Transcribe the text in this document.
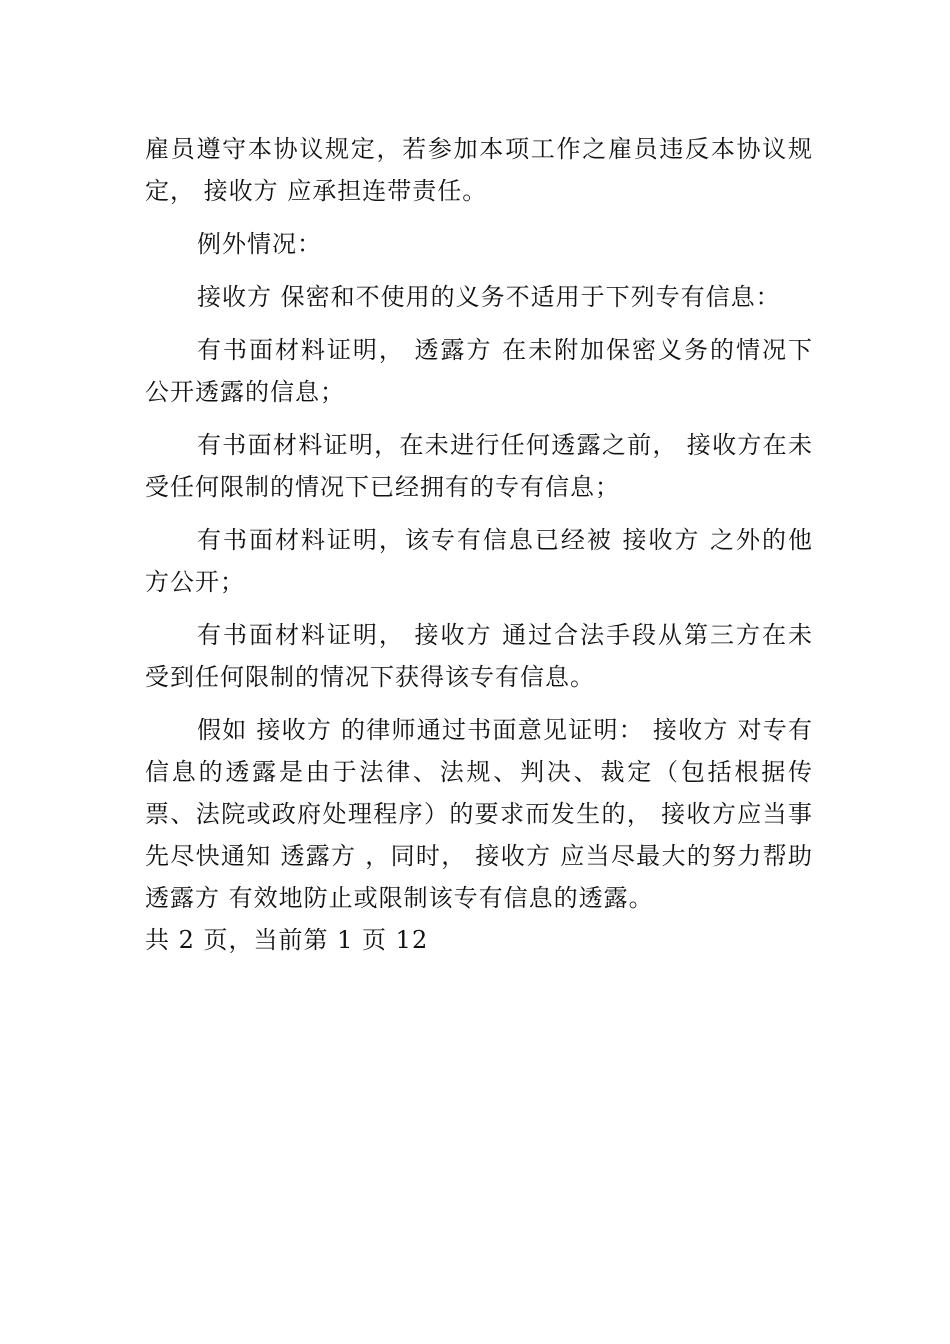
雇员遵守本协议规定，若参加本项工作之雇员违反本协议规定， 接收方 应承担连带责任。

例外情况：

接收方 保密和不使用的义务不适用于下列专有信息：

有书面材料证明， 透露方 在未附加保密义务的情况下公开透露的信息；

有书面材料证明，在未进行任何透露之前， 接收方在未受任何限制的情况下已经拥有的专有信息；

有书面材料证明，该专有信息已经被 接收方 之外的他方公开；

有书面材料证明， 接收方 通过合法手段从第三方在未受到任何限制的情况下获得该专有信息。

假如 接收方 的律师通过书面意见证明： 接收方 对专有信息的透露是由于法律、法规、判决、裁定（包括根据传票、法院或政府处理程序）的要求而发生的， 接收方应当事先尽快通知 透露方 ，同时， 接收方 应当尽最大的努力帮助 透露方 有效地防止或限制该专有信息的透露。

共 2 页，当前第 1 页 12
